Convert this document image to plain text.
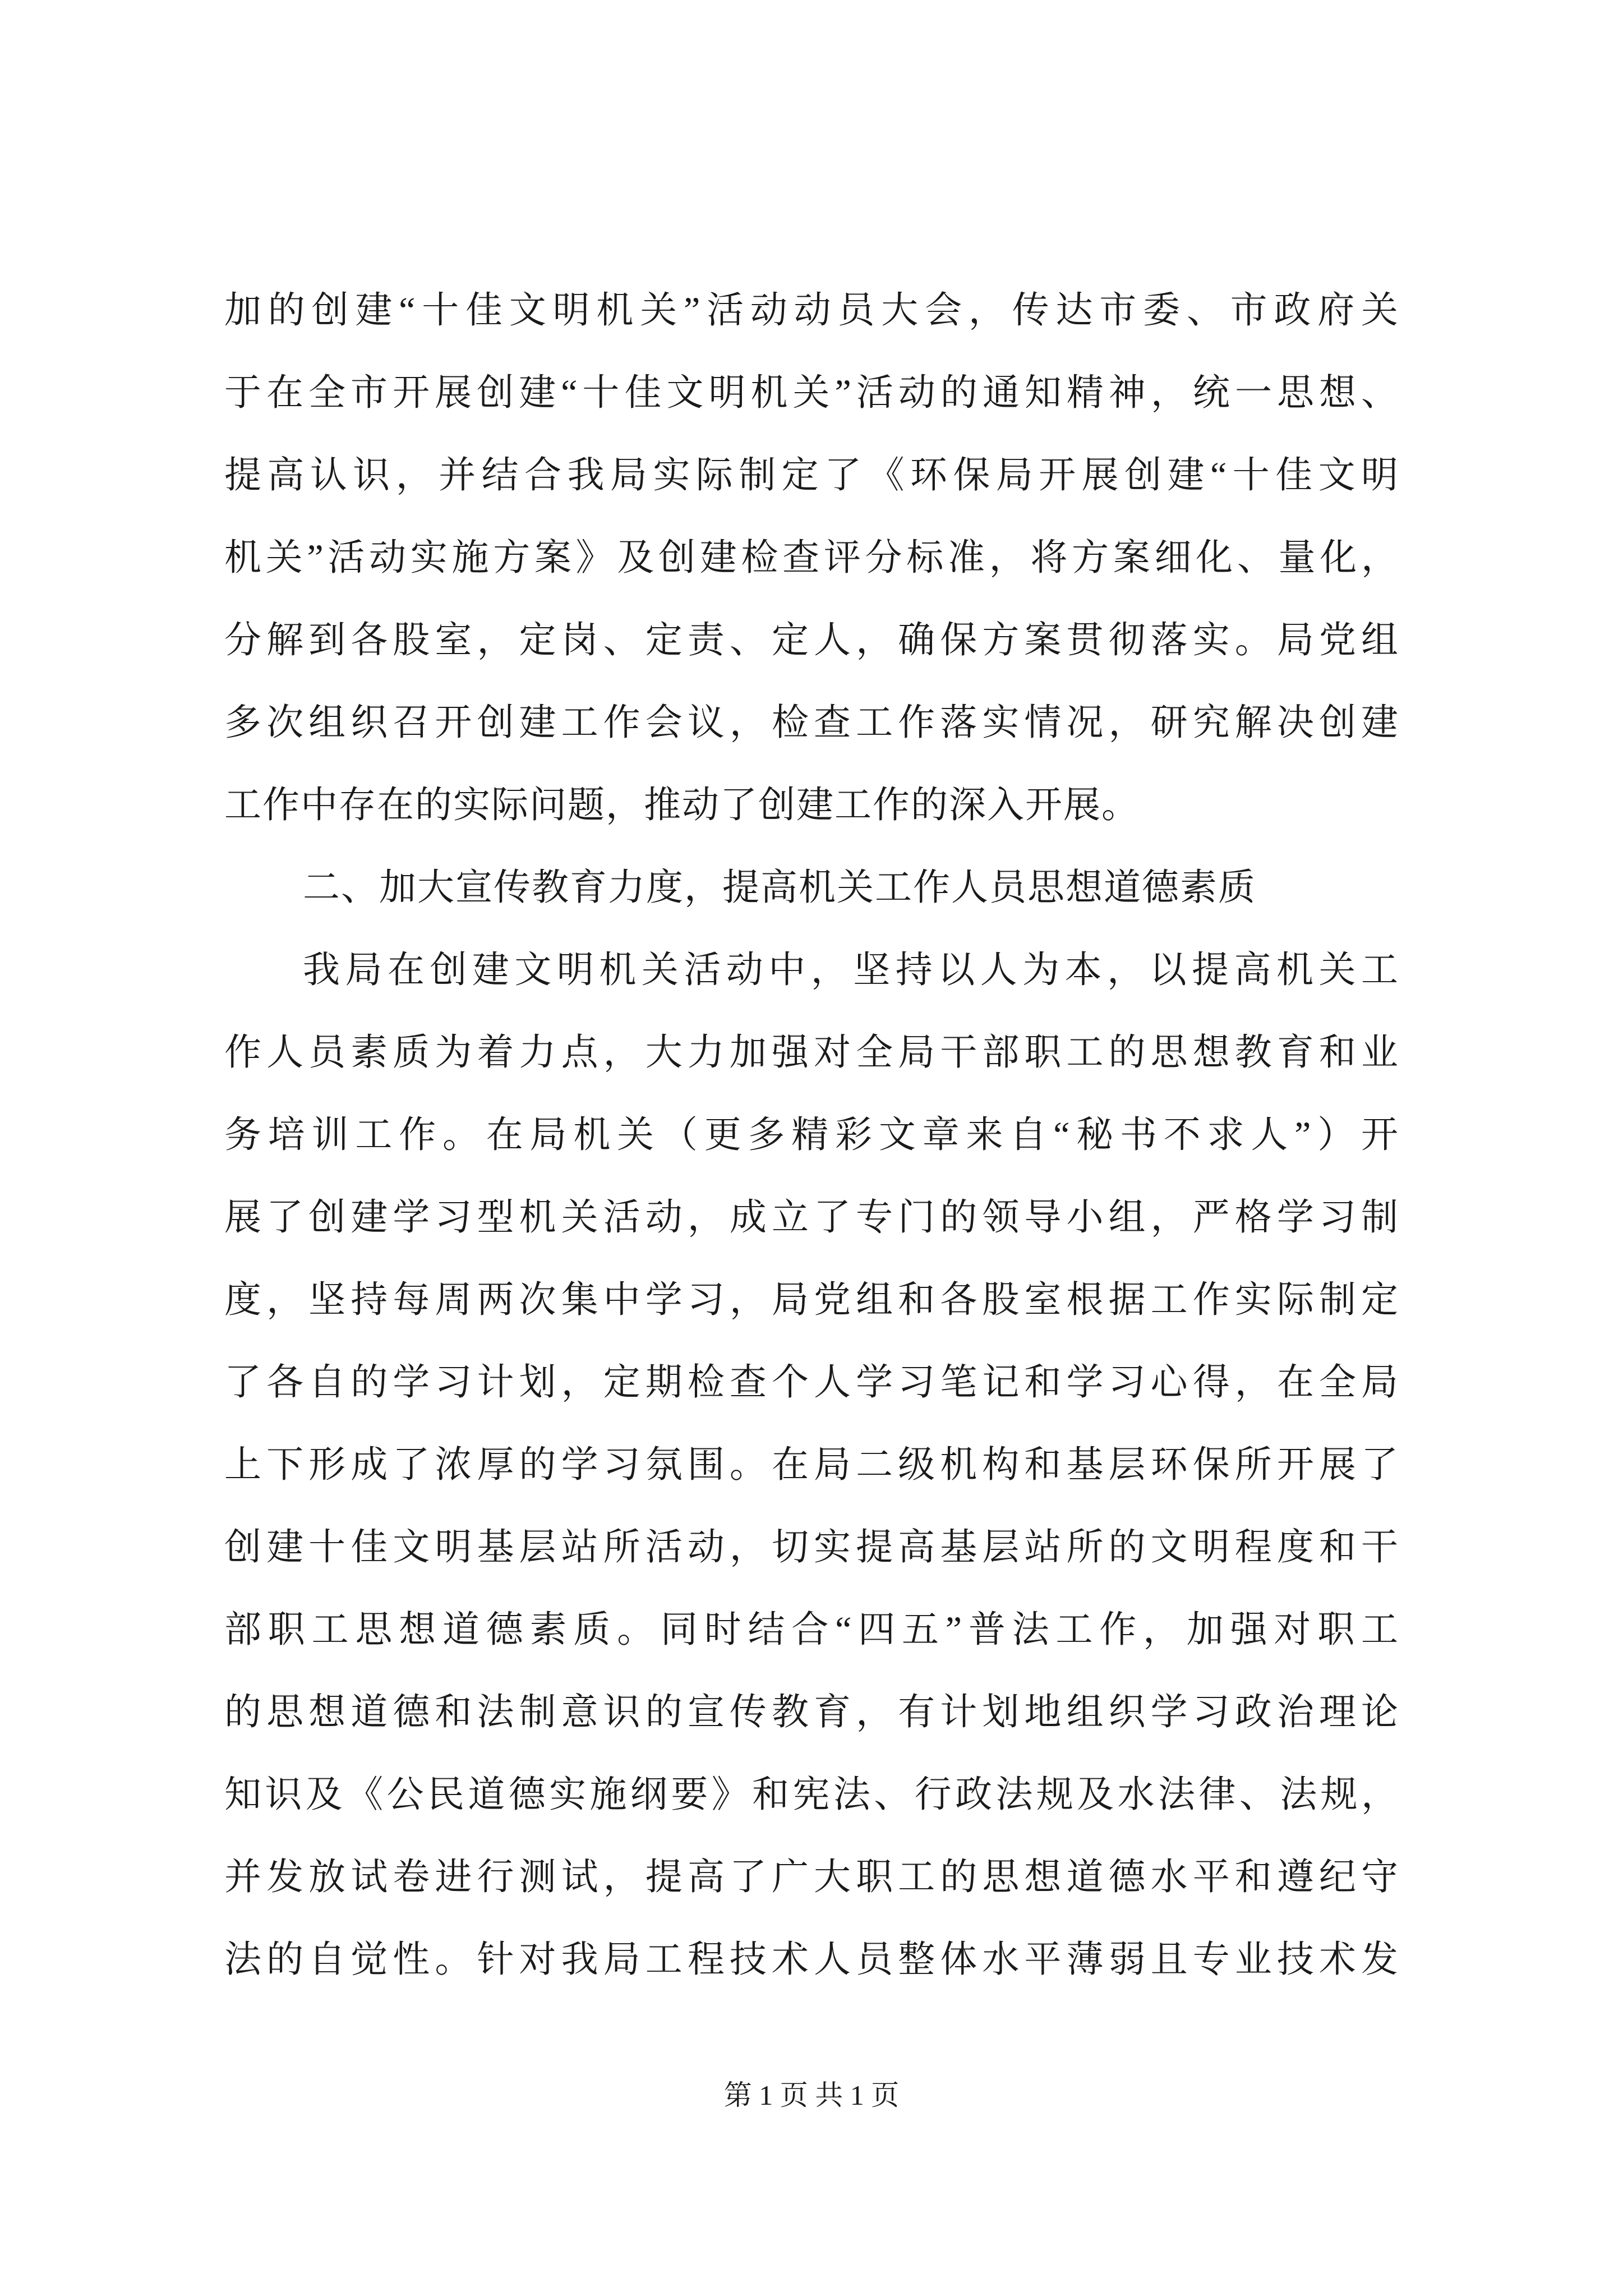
加的创建“十佳文明机关”活动动员大会，传达市委、市政府关
于在全市开展创建“十佳文明机关”活动的通知精神，统一思想、
提高认识，并结合我局实际制定了《环保局开展创建“十佳文明
机关”活动实施方案》及创建检查评分标准，将方案细化、量化，
分解到各股室，定岗、定责、定人，确保方案贯彻落实。局党组
多次组织召开创建工作会议，检查工作落实情况，研究解决创建
工作中存在的实际问题，推动了创建工作的深入开展。
二、加大宣传教育力度，提高机关工作人员思想道德素质
我局在创建文明机关活动中，坚持以人为本，以提高机关工
作人员素质为着力点，大力加强对全局干部职工的思想教育和业
务培训工作。在局机关（更多精彩文章来自“秘书不求人”）开
展了创建学习型机关活动，成立了专门的领导小组，严格学习制
度，坚持每周两次集中学习，局党组和各股室根据工作实际制定
了各自的学习计划，定期检查个人学习笔记和学习心得，在全局
上下形成了浓厚的学习氛围。在局二级机构和基层环保所开展了
创建十佳文明基层站所活动，切实提高基层站所的文明程度和干
部职工思想道德素质。同时结合“四五”普法工作，加强对职工
的思想道德和法制意识的宣传教育，有计划地组织学习政治理论
知识及《公民道德实施纲要》和宪法、行政法规及水法律、法规，
并发放试卷进行测试，提高了广大职工的思想道德水平和遵纪守
法的自觉性。针对我局工程技术人员整体水平薄弱且专业技术发
第 1 页 共 1 页
